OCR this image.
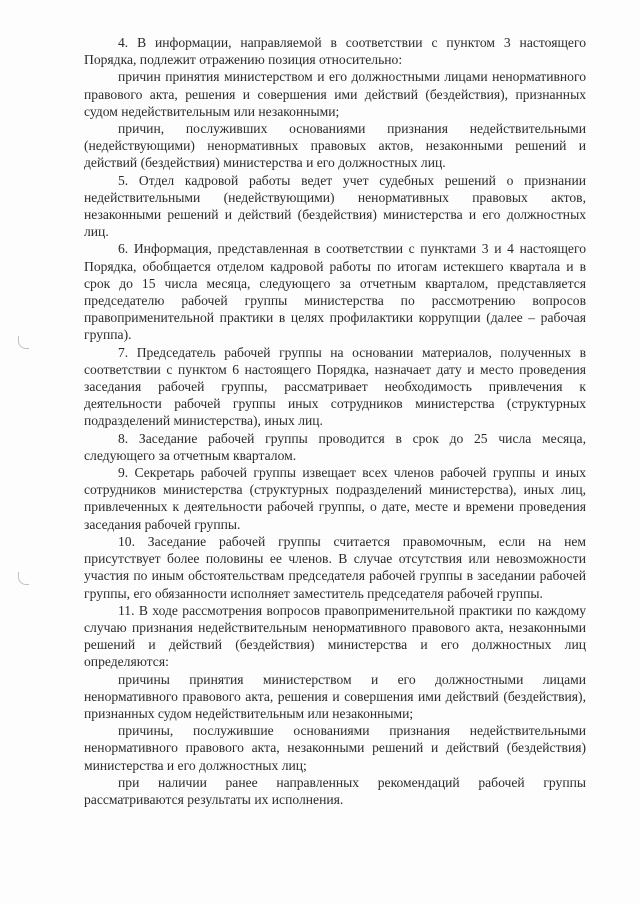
4. В информации, направляемой в соответствии с пунктом 3 настоящего Порядка, подлежит отражению позиция относительно:

причин принятия министерством и его должностными лицами ненормативного правового акта, решения и совершения ими действий (бездействия), признанных судом недействительным или незаконными;

причин, послуживших основаниями признания недействительными (недействующими) ненормативных правовых актов, незаконными решений и действий (бездействия) министерства и его должностных лиц.

5. Отдел кадровой работы ведет учет судебных решений о признании недействительными (недействующими) ненормативных правовых актов, незаконными решений и действий (бездействия) министерства и его должностных лиц.

6. Информация, представленная в соответствии с пунктами 3 и 4 настоящего Порядка, обобщается отделом кадровой работы по итогам истекшего квартала и в срок до 15 числа месяца, следующего за отчетным кварталом, представляется председателю рабочей группы министерства по рассмотрению вопросов правоприменительной практики в целях профилактики коррупции (далее – рабочая группа).

7. Председатель рабочей группы на основании материалов, полученных в соответствии с пунктом 6 настоящего Порядка, назначает дату и место проведения заседания рабочей группы, рассматривает необходимость привлечения к деятельности рабочей группы иных сотрудников министерства (структурных подразделений министерства), иных лиц.

8. Заседание рабочей группы проводится в срок до 25 числа месяца, следующего за отчетным кварталом.

9. Секретарь рабочей группы извещает всех членов рабочей группы и иных сотрудников министерства (структурных подразделений министерства), иных лиц, привлеченных к деятельности рабочей группы, о дате, месте и времени проведения заседания рабочей группы.

10. Заседание рабочей группы считается правомочным, если на нем присутствует более половины ее членов. В случае отсутствия или невозможности участия по иным обстоятельствам председателя рабочей группы в заседании рабочей группы, его обязанности исполняет заместитель председателя рабочей группы.

11. В ходе рассмотрения вопросов правоприменительной практики по каждому случаю признания недействительным ненормативного правового акта, незаконными решений и действий (бездействия) министерства и его должностных лиц определяются:

причины принятия министерством и его должностными лицами ненормативного правового акта, решения и совершения ими действий (бездействия), признанных судом недействительным или незаконными;

причины, послужившие основаниями признания недействительными ненормативного правового акта, незаконными решений и действий (бездействия) министерства и его должностных лиц;

при наличии ранее направленных рекомендаций рабочей группы рассматриваются результаты их исполнения.
